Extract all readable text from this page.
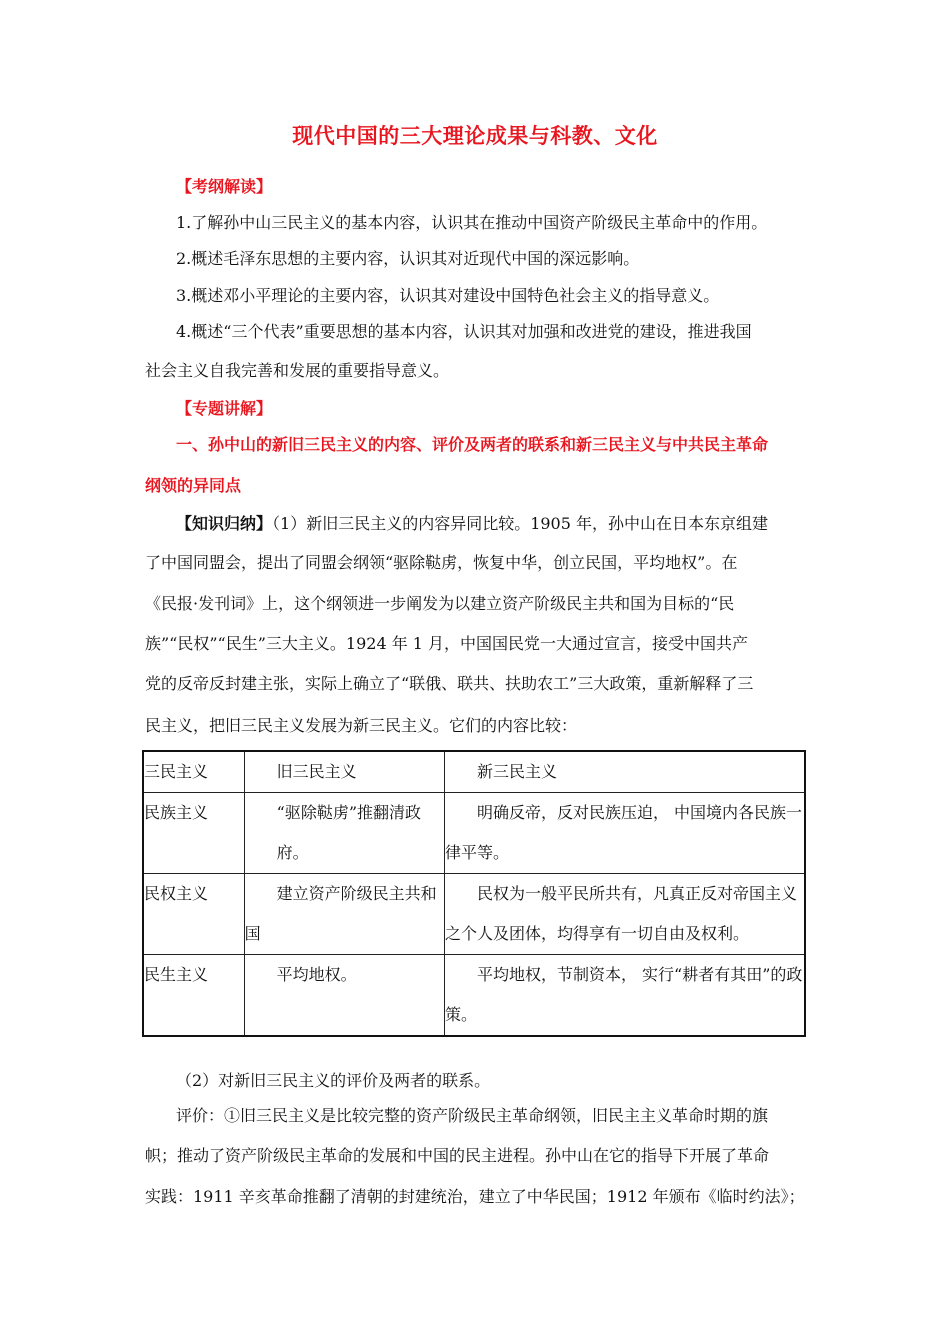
现代中国的三大理论成果与科教、文化
【考纲解读】
1.了解孙中山三民主义的基本内容，认识其在推动中国资产阶级民主革命中的作用。
2.概述毛泽东思想的主要内容，认识其对近现代中国的深远影响。
3.概述邓小平理论的主要内容，认识其对建设中国特色社会主义的指导意义。
4.概述“三个代表”重要思想的基本内容，认识其对加强和改进党的建设，推进我国
社会主义自我完善和发展的重要指导意义。
【专题讲解】
一、孙中山的新旧三民主义的内容、评价及两者的联系和新三民主义与中共民主革命
纲领的异同点
【知识归纳】（1）新旧三民主义的内容异同比较。1905 年，孙中山在日本东京组建
了中国同盟会，提出了同盟会纲领“驱除鞑虏，恢复中华，创立民国，平均地权”。在
《民报·发刊词》上，这个纲领进一步阐发为以建立资产阶级民主共和国为目标的“民
族”“民权”“民生”三大主义。1924 年 1 月，中国国民党一大通过宣言，接受中国共产
党的反帝反封建主张，实际上确立了“联俄、联共、扶助农工”三大政策，重新解释了三
民主义，把旧三民主义发展为新三民主义。它们的内容比较：
三民主义	旧三民主义	新三民主义
民族主义	“驱除鞑虏”推翻清政府。	明确反帝，反对民族压迫， 中国境内各民族一律平等。
民权主义	建立资产阶级民主共和国	民权为一般平民所共有，凡真正反对帝国主义之个人及团体，均得享有一切自由及权利。
民生主义	平均地权。	平均地权，节制资本， 实行“耕者有其田”的政策。
（2）对新旧三民主义的评价及两者的联系。
评价：①旧三民主义是比较完整的资产阶级民主革命纲领，旧民主主义革命时期的旗
帜；推动了资产阶级民主革命的发展和中国的民主进程。孙中山在它的指导下开展了革命
实践：1911 辛亥革命推翻了清朝的封建统治，建立了中华民国；1912 年颁布《临时约法》；
